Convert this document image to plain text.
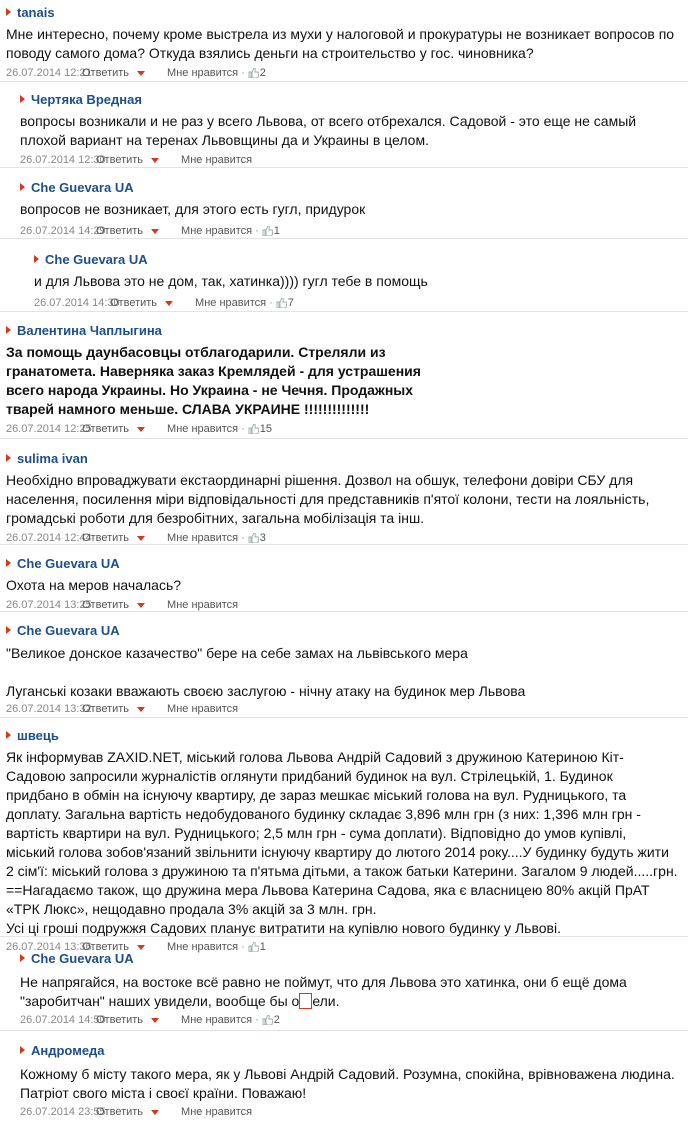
tanais
Мне интересно, почему кроме выстрела из мухи у налоговой и прокуратуры не возникает вопросов по поводу самого дома? Откуда взялись деньги на строительство у гос. чиновника?
26.07.2014 12:21
Ответить	Мне нравится · 2
Чертяка Вредная
вопросы возникали и не раз у всего Львова, от всего отбрехался. Садовой - это еще не самый плохой вариант на теренах Львовщины да и Украины в целом.
26.07.2014 12:30
Ответить	Мне нравится
Che Guevara UA
вопросов не возникает, для этого есть гугл, придурок
26.07.2014 14:29
Ответить	Мне нравится · 1
Che Guevara UA
и для Львова это не дом, так, хатинка)))) гугл тебе в помощь
26.07.2014 14:30
Ответить	Мне нравится · 7
Валентина Чаплыгина
За помощь даунбасовцы отблагодарили. Стреляли из гранатомета. Наверняка заказ Кремлядей - для устрашения всего народа Украины. Но Украина - не Чечня. Продажных тварей намного меньше. СЛАВА УКРАИНЕ !!!!!!!!!!!!!!
26.07.2014 12:25
Ответить	Мне нравится · 15
sulima ivan
Необхідно впроваджувати екстаординарні рішення. Дозвол на обшук, телефони довіри СБУ для населення, посилення міри відповідальності для представників п'ятої колони, тести на лояльність, громадські роботи для безробітних, загальна мобілізація та інш.
26.07.2014 12:44
Ответить	Мне нравится · 3
Che Guevara UA
Охота на меров началась?
26.07.2014 13:25
Ответить	Мне нравится
Che Guevara UA

"Великое донское казачество" бере на себе замах на львівського мера

Луганські козаки вважають своєю заслугою - нічну атаку на будинок мер Львова

26.07.2014 13:32
Ответить	Мне нравится
швець

Як інформував ZAXID.NET, міський голова Львова Андрій Садовий з дружиною Катериною Кіт-Садовою запросили журналістів оглянути придбаний будинок на вул. Стрілецькій, 1. Будинок придбано в обмін на існуючу квартиру, де зараз мешкає міський голова на вул. Рудницького, та доплату. Загальна вартість недобудованого будинку складає 3,896 млн грн (з них: 1,396 млн грн - вартість квартири на вул. Рудницького; 2,5 млн грн - сума доплати). Відповідно до умов купівлі, міський голова зобов'язаний звільнити існуючу квартиру до лютого 2014 року....У будинку будуть жити 2 сім'ї: міський голова з дружиною та п'ятьма дітьми, а також батьки Катерини. Загалом 9 людей.....грн.

==Нагадаємо також, що дружина мера Львова Катерина Садова, яка є власницею 80% акцій ПрАТ «ТРК Люкс», нещодавно продала 3% акцій за 3 млн. грн.

Усі ці гроші подружжя Садових планує витратити на купівлю нового будинку у Львові.

26.07.2014 13:36
Ответить	Мне нравится · 1
Che Guevara UA
Не напрягайся, на востоке всё равно не поймут, что для Львова это хатинка, они б ещё дома "заробитчан" наших увидели, вообще бы о ели.
26.07.2014 14:50
Ответить	Мне нравится · 2
Андромеда
Кожному б місту такого мера, як у Львові Андрій Садовий. Розумна, спокійна, врівноважена людина. Патріот свого міста і своєї країни. Поважаю!
26.07.2014 23:55
Ответить	Мне нравится
